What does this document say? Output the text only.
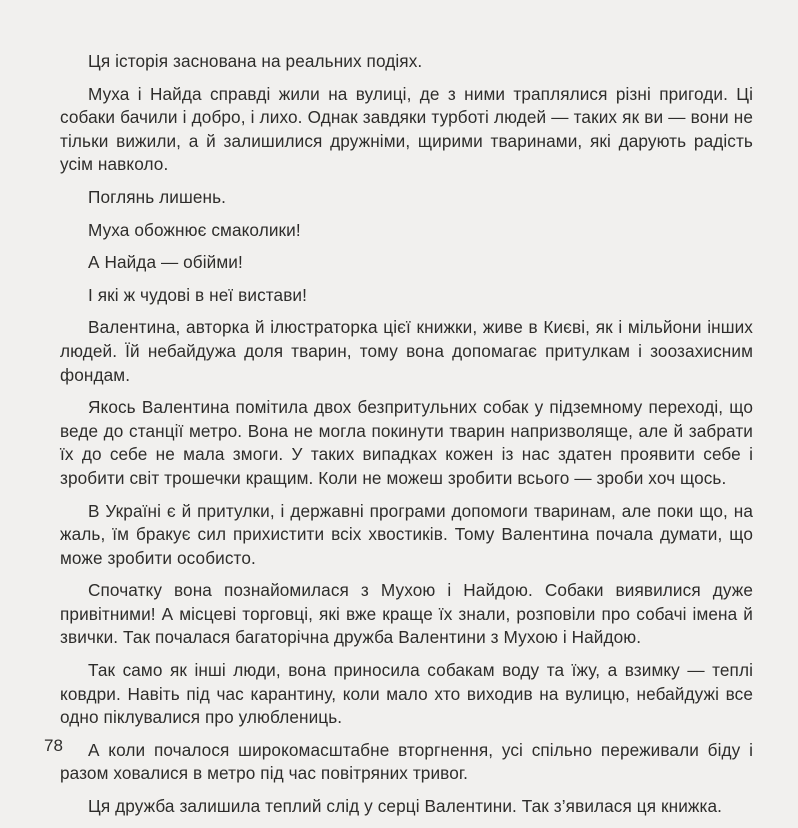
Ця історія заснована на реальних подіях.

Муха і Найда справді жили на вулиці, де з ними траплялися різні пригоди. Ці собаки бачили і добро, і лихо. Однак завдяки турботі людей — таких як ви — вони не тільки вижили, а й залишилися дружніми, щирими тваринами, які дарують радість усім навколо.

Поглянь лишень.

Муха обожнює смаколики!

А Найда — обійми!

І які ж чудові в неї вистави!

Валентина, авторка й ілюстраторка цієї книжки, живе в Києві, як і мільйони інших людей. Їй небайдужа доля тварин, тому вона допомагає притулкам і зоозахисним фондам.

Якось Валентина помітила двох безпритульних собак у підземному переході, що веде до станції метро. Вона не могла покинути тварин напризволяще, але й забрати їх до себе не мала змоги. У таких випадках кожен із нас здатен проявити себе і зробити світ трошечки кращим. Коли не можеш зробити всього — зроби хоч щось.

В Україні є й притулки, і державні програми допомоги тваринам, але поки що, на жаль, їм бракує сил прихистити всіх хвостиків. Тому Валентина почала думати, що може зробити особисто.

Спочатку вона познайомилася з Мухою і Найдою. Собаки виявилися дуже привітними! А місцеві торговці, які вже краще їх знали, розповіли про собачі імена й звички. Так почалася багаторічна дружба Валентини з Мухою і Найдою.

Так само як інші люди, вона приносила собакам воду та їжу, а взимку — теплі ковдри. Навіть під час карантину, коли мало хто виходив на вулицю, небайдужі все одно піклувалися про улюблениць.

А коли почалося широкомасштабне вторгнення, усі спільно переживали біду і разом ховалися в метро під час повітряних тривог.

Ця дружба залишила теплий слід у серці Валентини. Так з’явилася ця книжка.

78
